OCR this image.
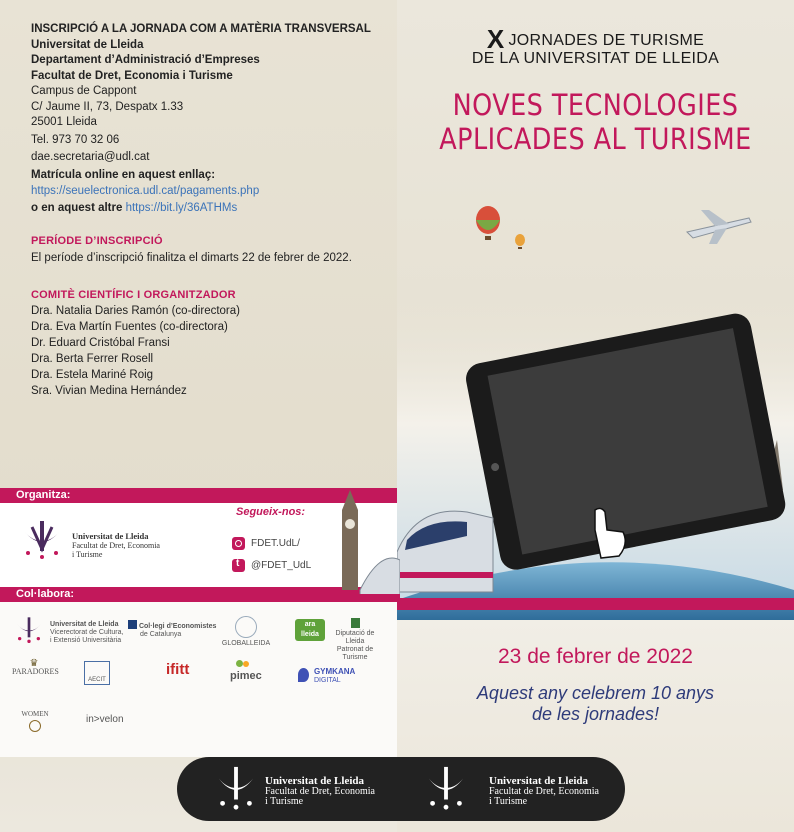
INSCRIPCIÓ A LA JORNADA COM A MATÈRIA TRANSVERSAL
Universitat de Lleida
Departament d’Administració d’Empreses
Facultat de Dret, Economia i Turisme
Campus de Cappont
C/ Jaume II, 73, Despatx 1.33
25001 Lleida
Tel. 973 70 32 06
dae.secretaria@udl.cat
Matrícula online en aquest enllaç:
https://seuelectronica.udl.cat/pagaments.php
o en aquest altre https://bit.ly/36ATHMs
PERÍODE D’INSCRIPCIÓ
El període d’inscripció finalitza el dimarts 22 de febrer de 2022.
COMITÈ CIENTÍFIC I ORGANITZADOR
Dra. Natalia Daries Ramón (co-directora)
Dra. Eva Martín Fuentes (co-directora)
Dr. Eduard Cristóbal Fransi
Dra. Berta Ferrer Rosell
Dra. Estela Mariné Roig
Sra. Vivian Medina Hernández
Organitza:
Universitat de Lleida
Facultat de Dret, Economia
i Turisme
Segueix-nos:
FDET.UdL/
t
@FDET_UdL
Col·labora:
Universitat de Lleida
Vicerectorat de Cultura,
i Extensió Universitària
Col·legi d’Economistes
de Catalunya
GLOBALLEIDA
ara lleida	Diputació de Lleida
Patronat de Turisme
♛
PARADORES
AECIT
ifitt	pimec	GYMKANA
DIGITAL
WOMEN	in>velon
XJORNADES DE TURISME
DE LA UNIVERSITAT DE LLEIDA
NOVES TECNOLOGIES
APLICADES AL TURISME
23 de febrer de 2022
Aquest any celebrem 10 anys
de les jornades!
Universitat de Lleida
Facultat de Dret, Economia
i Turisme
Universitat de Lleida
Facultat de Dret, Economia
i Turisme
